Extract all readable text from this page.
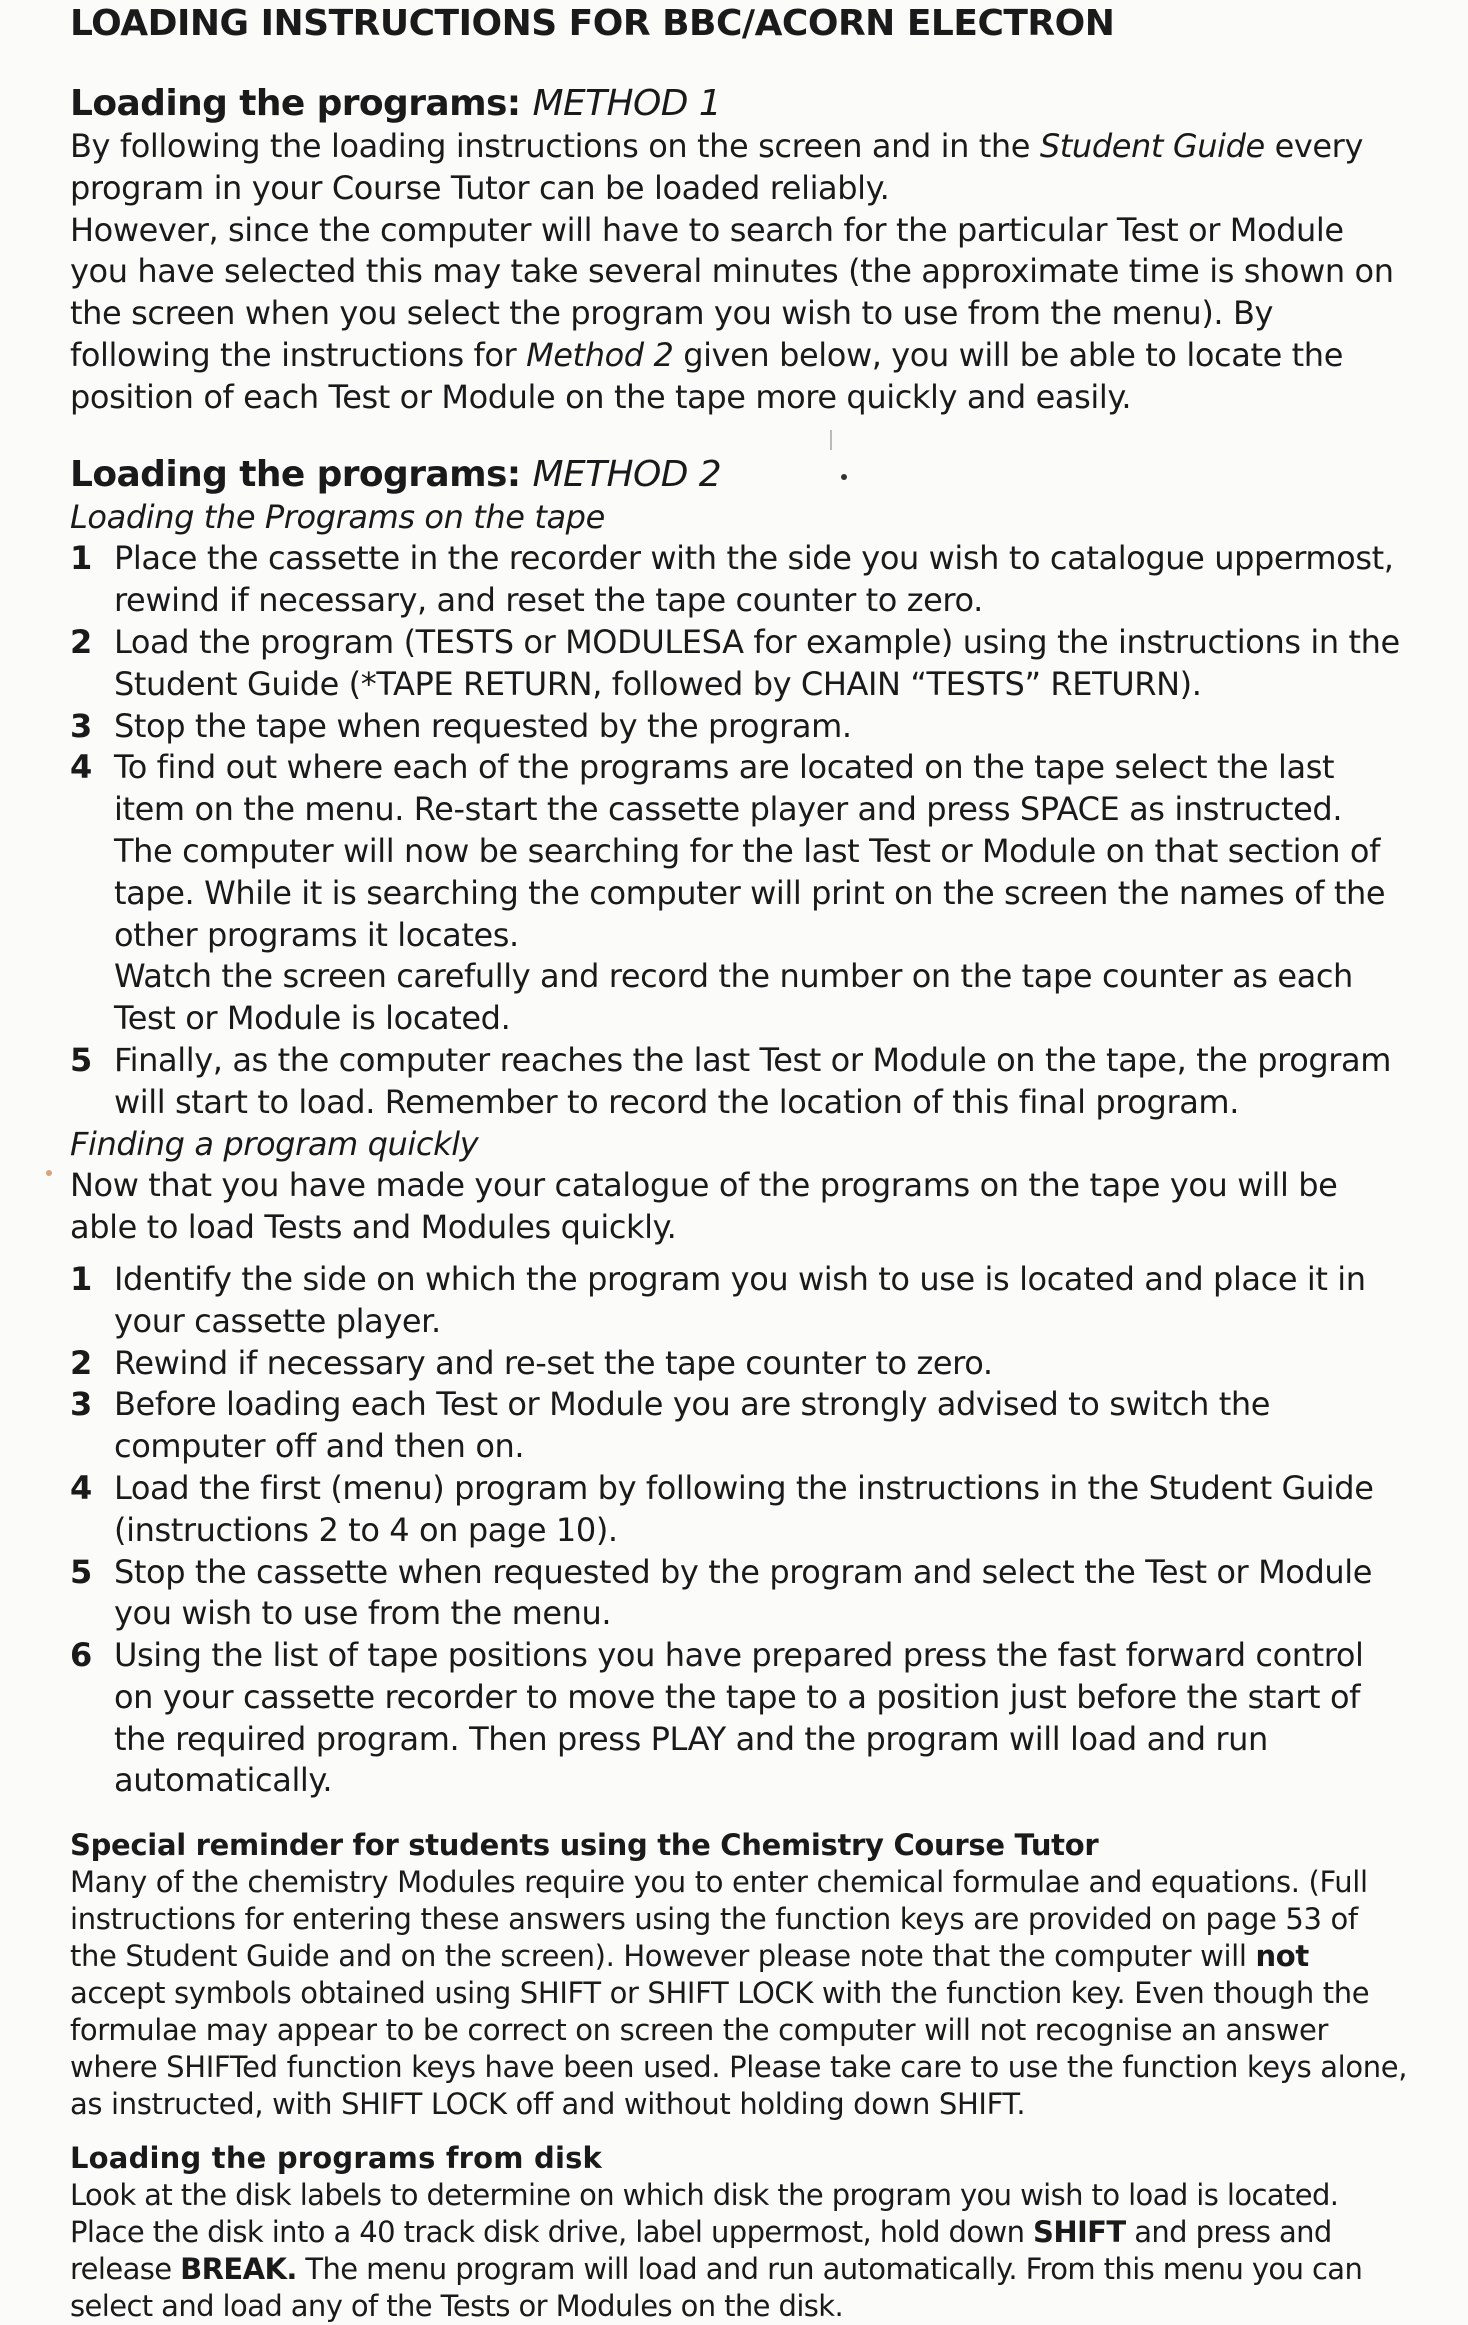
LOADING INSTRUCTIONS FOR BBC/ACORN ELECTRON
Loading the programs: METHOD 1

By following the loading instructions on the screen and in the Student Guide every program in your Course Tutor can be loaded reliably.

However, since the computer will have to search for the particular Test or Module you have selected this may take several minutes (the approximate time is shown on the screen when you select the program you wish to use from the menu). By following the instructions for Method 2 given below, you will be able to locate the position of each Test or Module on the tape more quickly and easily.

Loading the programs: METHOD 2

Loading the Programs on the tape

1 Place the cassette in the recorder with the side you wish to catalogue uppermost, rewind if necessary, and reset the tape counter to zero.
2 Load the program (TESTS or MODULESA for example) using the instructions in the Student Guide (*TAPE RETURN, followed by CHAIN “TESTS” RETURN).
3 Stop the tape when requested by the program.
4 To find out where each of the programs are located on the tape select the last item on the menu. Re-start the cassette player and press SPACE as instructed. The computer will now be searching for the last Test or Module on that section of tape. While it is searching the computer will print on the screen the names of the other programs it locates.
Watch the screen carefully and record the number on the tape counter as each Test or Module is located.
5 Finally, as the computer reaches the last Test or Module on the tape, the program will start to load. Remember to record the location of this final program.

Finding a program quickly

Now that you have made your catalogue of the programs on the tape you will be able to load Tests and Modules quickly.

1 Identify the side on which the program you wish to use is located and place it in your cassette player.
2 Rewind if necessary and re-set the tape counter to zero.
3 Before loading each Test or Module you are strongly advised to switch the computer off and then on.
4 Load the first (menu) program by following the instructions in the Student Guide (instructions 2 to 4 on page 10).
5 Stop the cassette when requested by the program and select the Test or Module you wish to use from the menu.
6 Using the list of tape positions you have prepared press the fast forward control on your cassette recorder to move the tape to a position just before the start of the required program. Then press PLAY and the program will load and run automatically.
Special reminder for students using the Chemistry Course Tutor

Many of the chemistry Modules require you to enter chemical formulae and equations. (Full instructions for entering these answers using the function keys are provided on page 53 of the Student Guide and on the screen). However please note that the computer will not accept symbols obtained using SHIFT or SHIFT LOCK with the function key. Even though the formulae may appear to be correct on screen the computer will not recognise an answer where SHIFTed function keys have been used. Please take care to use the function keys alone, as instructed, with SHIFT LOCK off and without holding down SHIFT.

Loading the programs from disk

Look at the disk labels to determine on which disk the program you wish to load is located. Place the disk into a 40 track disk drive, label uppermost, hold down SHIFT and press and release BREAK. The menu program will load and run automatically. From this menu you can select and load any of the Tests or Modules on the disk.
